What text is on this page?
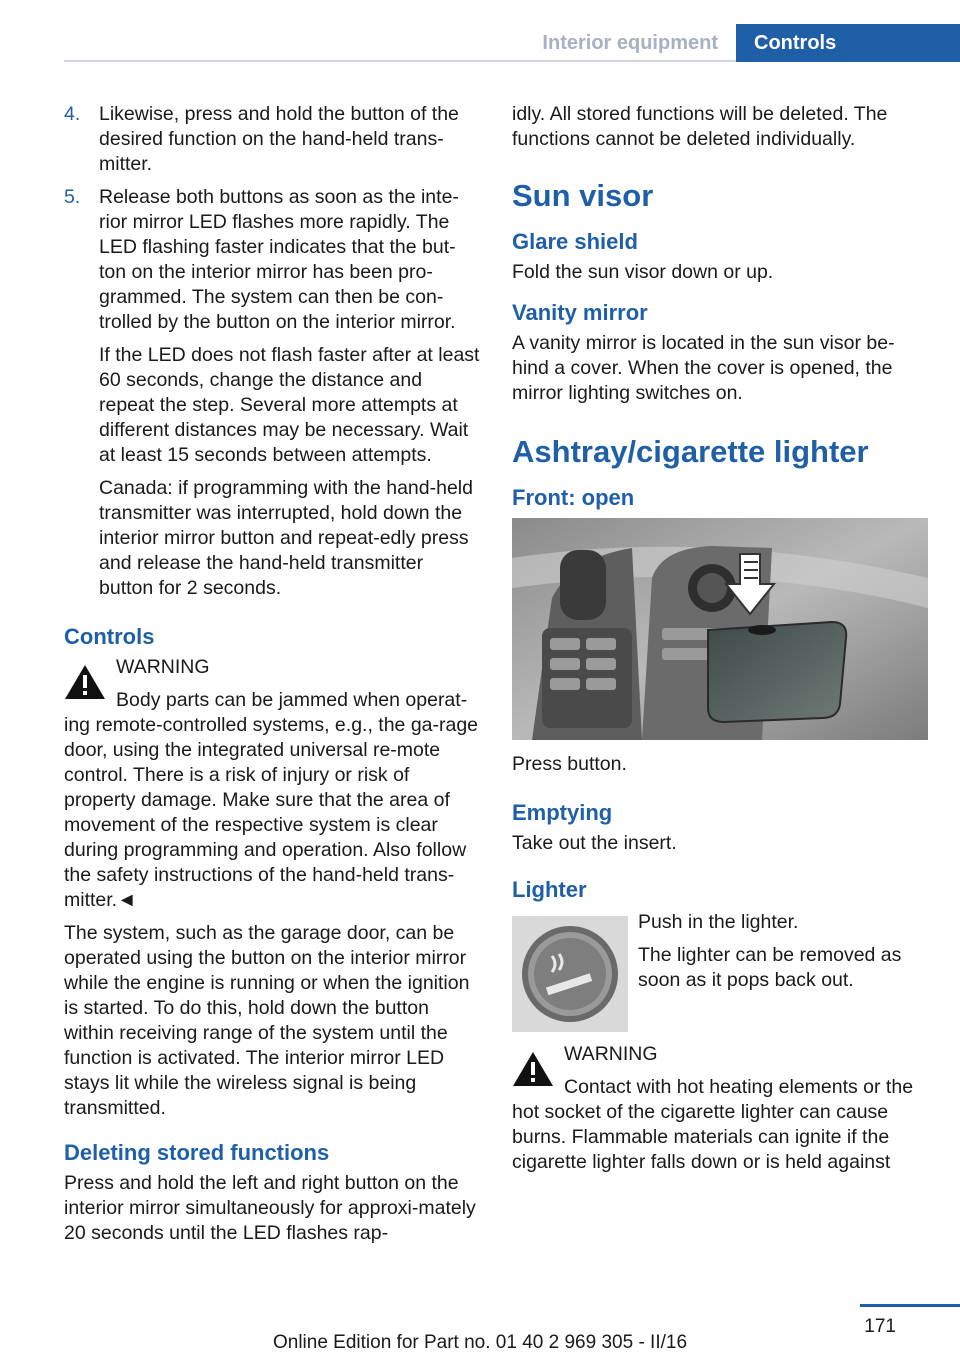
Interior equipment	Controls
4. Likewise, press and hold the button of the desired function on the hand-held trans-mitter.

5. Release both buttons as soon as the inte-rior mirror LED flashes more rapidly. The LED flashing faster indicates that the but-ton on the interior mirror has been pro-grammed. The system can then be con-trolled by the button on the interior mirror.

If the LED does not flash faster after at least 60 seconds, change the distance and repeat the step. Several more attempts at different distances may be necessary. Wait at least 15 seconds between attempts.

Canada: if programming with the hand-held transmitter was interrupted, hold down the interior mirror button and repeat-edly press and release the hand-held transmitter button for 2 seconds.

Controls

WARNING

Body parts can be jammed when operat-

ing remote-controlled systems, e.g., the ga-rage door, using the integrated universal re-mote control. There is a risk of injury or risk of property damage. Make sure that the area of movement of the respective system is clear during programming and operation. Also follow the safety instructions of the hand-held trans-mitter.◄

The system, such as the garage door, can be operated using the button on the interior mirror while the engine is running or when the ignition is started. To do this, hold down the button within receiving range of the system until the function is activated. The interior mirror LED stays lit while the wireless signal is being transmitted.

Deleting stored functions

Press and hold the left and right button on the interior mirror simultaneously for approxi-mately 20 seconds until the LED flashes rap-

idly. All stored functions will be deleted. The functions cannot be deleted individually.

Sun visor
Glare shield

Fold the sun visor down or up.

Vanity mirror

A vanity mirror is located in the sun visor be-hind a cover. When the cover is opened, the mirror lighting switches on.

Ashtray/cigarette lighter
Front: open

Press button.

Emptying

Take out the insert.

Lighter

Push in the lighter.

The lighter can be removed as soon as it pops back out.

WARNING

Contact with hot heating elements or the

hot socket of the cigarette lighter can cause burns. Flammable materials can ignite if the cigarette lighter falls down or is held against

171
Online Edition for Part no. 01 40 2 969 305 - II/16
